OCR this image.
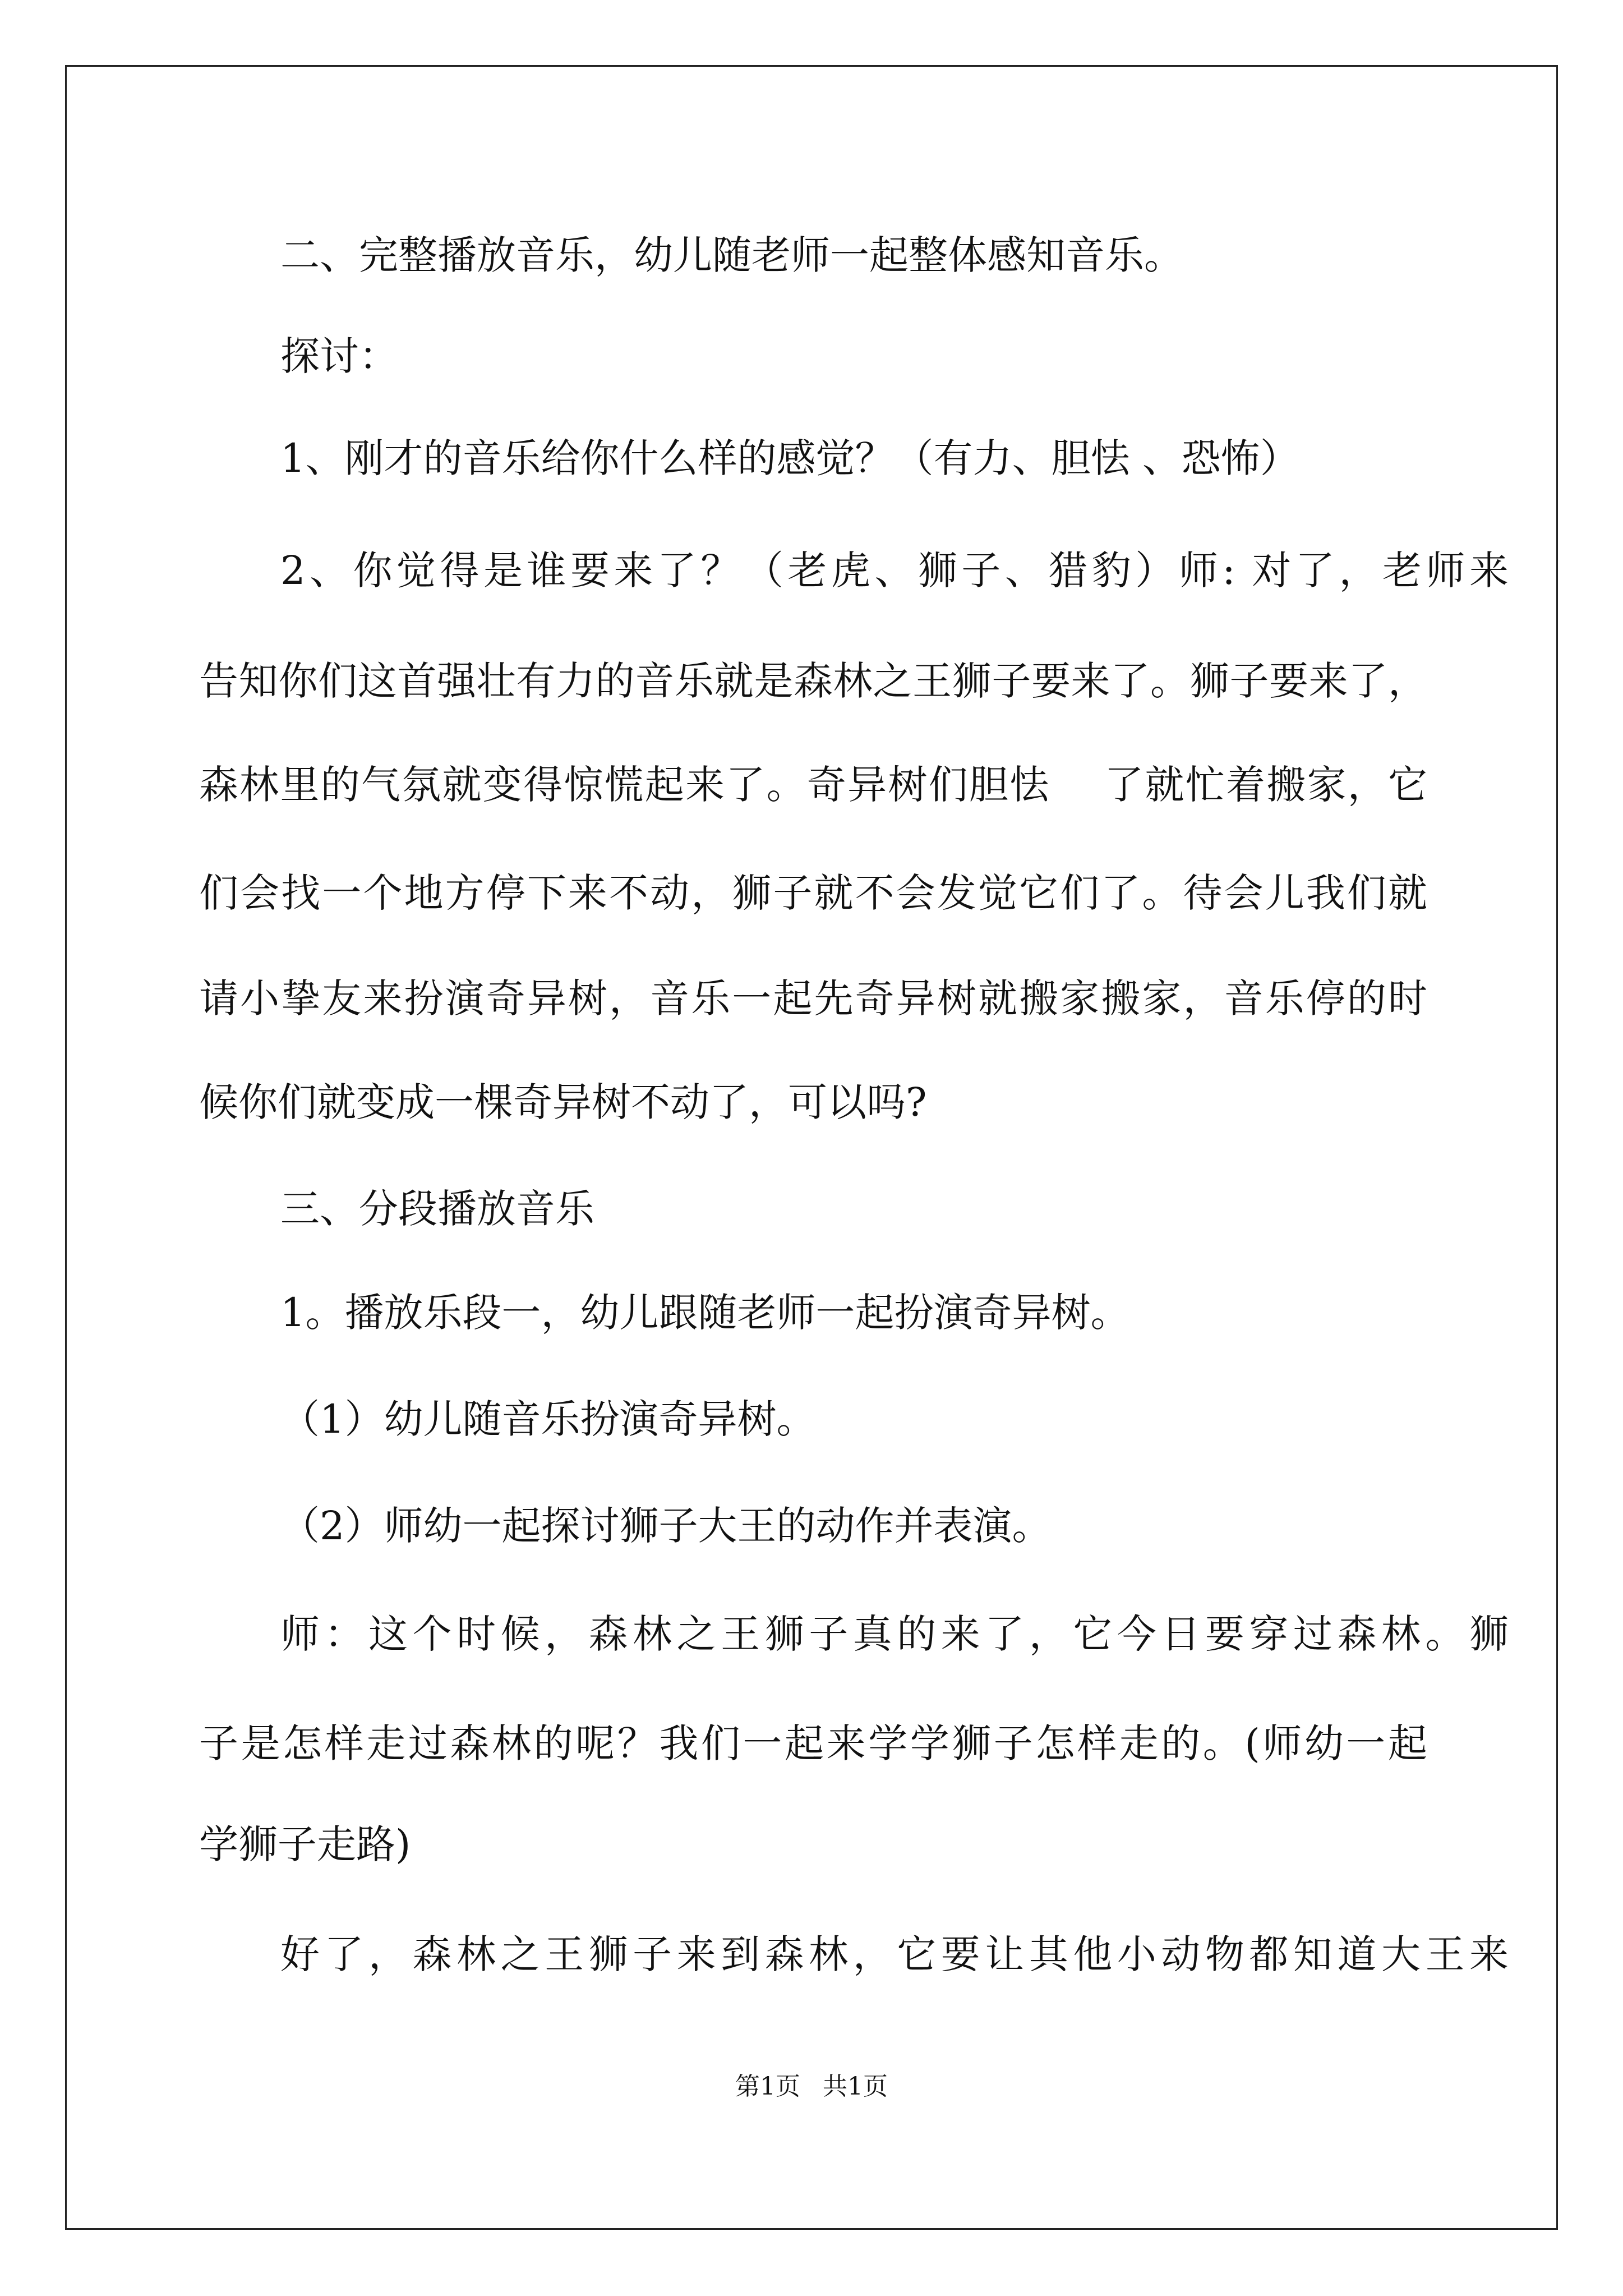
二、完整播放音乐，幼儿随老师一起整体感知音乐。
探讨：
1、刚才的音乐给你什么样的感觉？（有力、胆怯 、恐怖）
2、你觉得是谁要来了？（老虎、狮子、猎豹）师: 对了，老师来
告知你们这首强壮有力的音乐就是森林之王狮子要来了。狮子要来了，
森林里的气氛就变得惊慌起来了。奇异树们胆怯　 了就忙着搬家，它
们会找一个地方停下来不动，狮子就不会发觉它们了。待会儿我们就
请小挚友来扮演奇异树，音乐一起先奇异树就搬家搬家，音乐停的时
候你们就变成一棵奇异树不动了，可以吗?
三、分段播放音乐
1。播放乐段一，幼儿跟随老师一起扮演奇异树。
（1）幼儿随音乐扮演奇异树。
（2）师幼一起探讨狮子大王的动作并表演。
师：这个时候，森林之王狮子真的来了，它今日要穿过森林。狮
子是怎样走过森林的呢？我们一起来学学狮子怎样走的。(师幼一起
学狮子走路)
好了，森林之王狮子来到森林，它要让其他小动物都知道大王来
第1页 共1页
